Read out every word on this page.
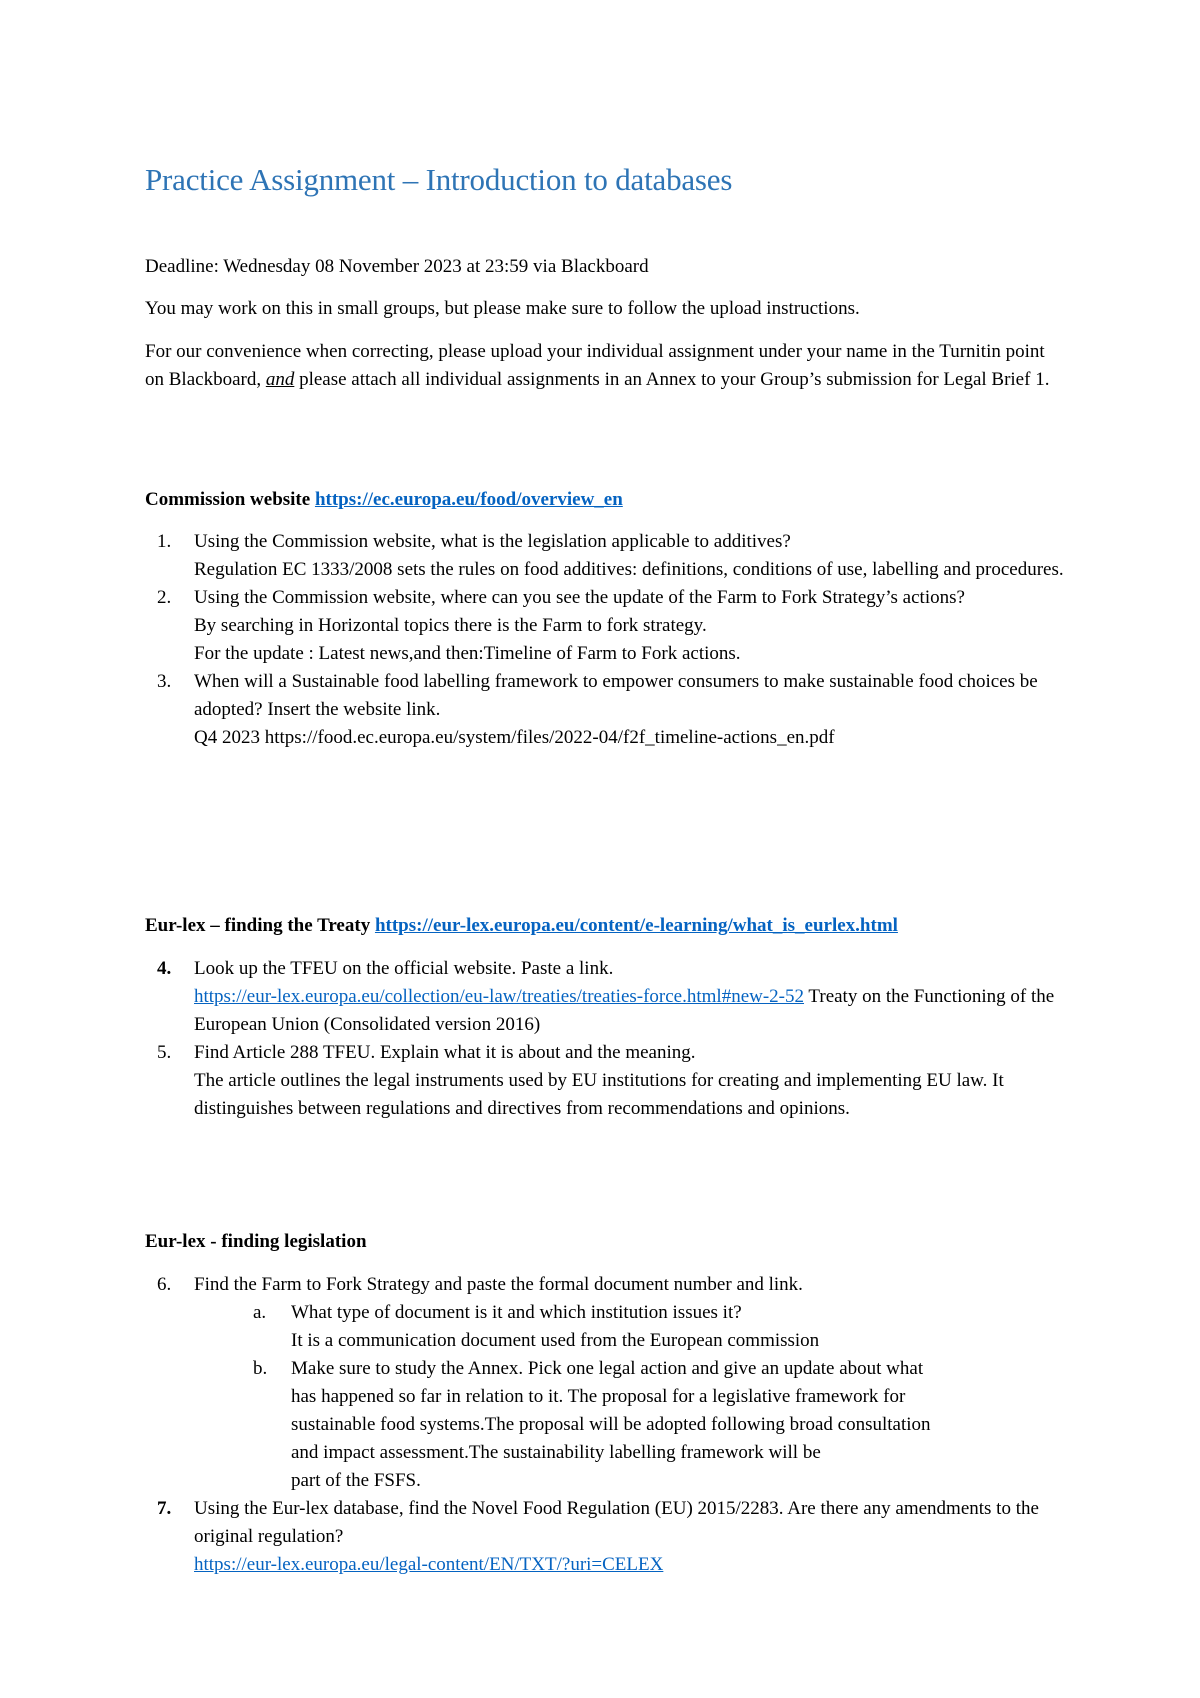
Practice Assignment – Introduction to databases

Deadline: Wednesday 08 November 2023 at 23:59 via Blackboard

You may work on this in small groups, but please make sure to follow the upload instructions.

For our convenience when correcting, please upload your individual assignment under your name in the Turnitin point on Blackboard, and please attach all individual assignments in an Annex to your Group’s submission for Legal Brief 1.

Commission website https://ec.europa.eu/food/overview_en

1.	Using the Commission website, what is the legislation applicable to additives?
Regulation EC 1333/2008 sets the rules on food additives: definitions, conditions of use, labelling and procedures.
2.	Using the Commission website, where can you see the update of the Farm to Fork Strategy’s actions?
By searching in Horizontal topics there is the Farm to fork strategy.
For the update : Latest news,and then:Timeline of Farm to Fork actions.
3.	When will a Sustainable food labelling framework to empower consumers to make sustainable food choices be adopted? Insert the website link.
Q4 2023 https://food.ec.europa.eu/system/files/2022-04/f2f_timeline-actions_en.pdf

Eur-lex – finding the Treaty https://eur-lex.europa.eu/content/e-learning/what_is_eurlex.html

4.	Look up the TFEU on the official website. Paste a link.
https://eur-lex.europa.eu/collection/eu-law/treaties/treaties-force.html#new-2-52 Treaty on the Functioning of the European Union (Consolidated version 2016)
5.	Find Article 288 TFEU. Explain what it is about and the meaning.
The article outlines the legal instruments used by EU institutions for creating and implementing EU law. It distinguishes between regulations and directives from recommendations and opinions.

Eur-lex - finding legislation

6.	Find the Farm to Fork Strategy and paste the formal document number and link.
a.	What type of document is it and which institution issues it?
It is a communication document used from the European commission
b.	Make sure to study the Annex. Pick one legal action and give an update about what
has happened so far in relation to it. The proposal for a legislative framework for
sustainable food systems.The proposal will be adopted following broad consultation
and impact assessment.The sustainability labelling framework will be
part of the FSFS.
7.	Using the Eur-lex database, find the Novel Food Regulation (EU) 2015/2283. Are there any amendments to the original regulation?
https://eur-lex.europa.eu/legal-content/EN/TXT/?uri=CELEX
